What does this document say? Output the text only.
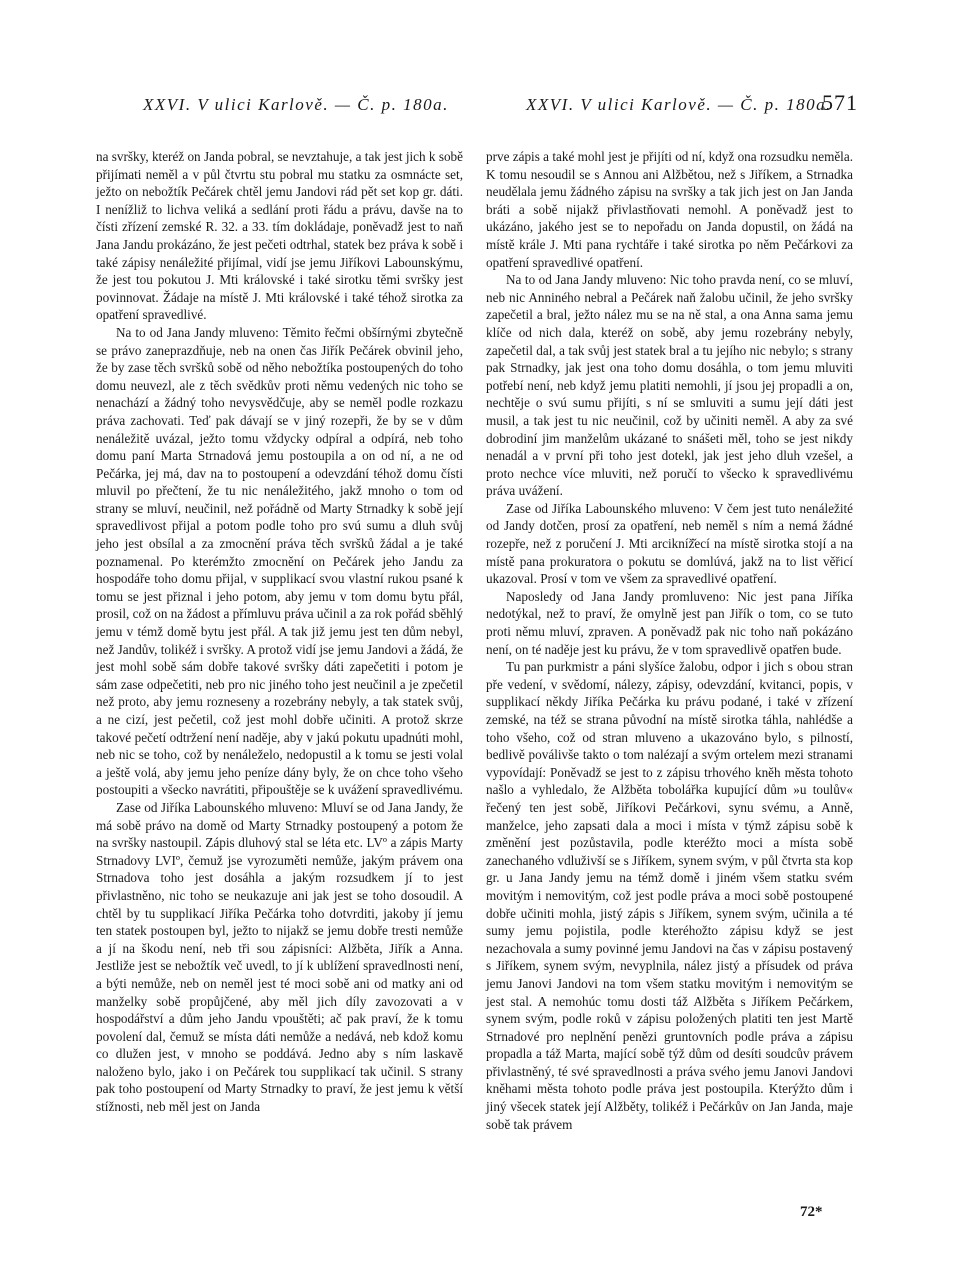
XXVI. V ulici Karlově. — Č. p. 180a.	XXVI. V ulici Karlově. — Č. p. 180a.
571

na svršky, kteréž on Janda pobral, se nevztahuje, a tak jest jich k sobě přijímati neměl a v půl čtvrtu stu pobral mu statku za osmnácte set, ježto on nebožtík Pečárek chtěl jemu Jandovi rád pět set kop gr. dáti. I nenížliž to lichva veliká a sedlání proti řádu a právu, davše na to čísti zřízení zemské R. 32. a 33. tím dokládaje, poněvadž jest to naň Jana Jandu prokázáno, že jest pečeti odtrhal, statek bez práva k sobě i také zápisy nenáležité přijímal, vidí jse jemu Jiříkovi Labounskýmu, že jest tou pokutou J. Mti královské i také sirotku těmi svršky jest povinnovat. Žádaje na místě J. Mti královské i také téhož sirotka za opatření spravedlivé.

Na to od Jana Jandy mluveno: Těmito řečmi obšírnými zbytečně se právo zaneprazdňuje, neb na onen čas Jiřík Pečárek obvinil jeho, že by zase těch svršků sobě od něho nebožtíka postoupených do toho domu neuvezl, ale z těch svědkův proti němu vedených nic toho se nenachází a žádný toho nevysvědčuje, aby se neměl podle rozkazu práva zachovati. Teď pak dávají se v jiný rozepři, že by se v dům nenáležitě uvázal, ježto tomu vždycky odpíral a odpírá, neb toho domu paní Marta Strnadová jemu postoupila a on od ní, a ne od Pečárka, jej má, dav na to postoupení a odevzdání téhož domu čísti mluvil po přečtení, že tu nic nenáležitého, jakž mnoho o tom od strany se mluví, neučinil, než pořádně od Marty Strnadky k sobě její spravedlivost přijal a potom podle toho pro svú sumu a dluh svůj jeho jest obsílal a za zmocnění práva těch svršků žádal a je také poznamenal. Po kterémžto zmocnění on Pečárek jeho Jandu za hospodáře toho domu přijal, v supplikací svou vlastní rukou psané k tomu se jest přiznal i jeho potom, aby jemu v tom domu bytu přál, prosil, což on na žádost a přímluvu práva učinil a za rok pořád sběhlý jemu v témž domě bytu jest přál. A tak již jemu jest ten dům nebyl, než Jandův, tolikéž i svršky. A protož vidí jse jemu Jandovi a žádá, že jest mohl sobě sám dobře takové svršky dáti zapečetiti i potom je sám zase odpečetiti, neb pro nic jiného toho jest neučinil a je zpečetil než proto, aby jemu rozneseny a rozebrány nebyly, a tak statek svůj, a ne cizí, jest pečetil, což jest mohl dobře učiniti. A protož skrze takové pečetí odtržení není naděje, aby v jakú pokutu upadnúti mohl, neb nic se toho, což by nenáleželo, nedopustil a k tomu se jesti volal a ještě volá, aby jemu jeho peníze dány byly, že on chce toho všeho postoupiti a všecko navrátiti, připouštěje se k uvážení spravedlivému.

Zase od Jiříka Labounského mluveno: Mluví se od Jana Jandy, že má sobě právo na domě od Marty Strnadky postoupený a potom že na svršky nastoupil. Zápis dluhový stal se léta etc. LVº a zápis Marty Strnadovy LVIº, čemuž jse vyrozuměti nemůže, jakým právem ona Strnadova toho jest dosáhla a jakým rozsudkem jí to jest přivlastněno, nic toho se neukazuje ani jak jest se toho dosoudil. A chtěl by tu supplikací Jiříka Pečárka toho dotvrditi, jakoby jí jemu ten statek postoupen byl, ježto to nijakž se jemu dobře tresti nemůže a jí na škodu není, neb tři sou zápisníci: Alžběta, Jiřík a Anna. Jestliže jest se nebožtík več uvedl, to jí k ublížení spravedlnosti není, a býti nemůže, neb on neměl jest té moci sobě ani od matky ani od manželky sobě propůjčené, aby měl jich díly zavozovati a v hospodářství a dům jeho Jandu vpouštěti; ač pak praví, že k tomu povolení dal, čemuž se místa dáti nemůže a nedává, neb kdož komu co dlužen jest, v mnoho se poddává. Jedno aby s ním laskavě naloženo bylo, jako i on Pečárek tou supplikací tak učinil. S strany pak toho postoupení od Marty Strnadky to praví, že jest jemu k větší stížnosti, neb měl jest on Janda

prve zápis a také mohl jest je přijíti od ní, když ona rozsudku neměla. K tomu nesoudil se s Annou ani Alžbětou, než s Jiříkem, a Strnadka neudělala jemu žádného zápisu na svršky a tak jich jest on Jan Janda bráti a sobě nijakž přivlastňovati nemohl. A poněvadž jest to ukázáno, jakého jest se to nepořadu on Janda dopustil, on žádá na místě krále J. Mti pana rychtáře i také sirotka po něm Pečárkovi za opatření spravedlivé opatření.

Na to od Jana Jandy mluveno: Nic toho pravda není, co se mluví, neb nic Anniného nebral a Pečárek naň žalobu učinil, že jeho svršky zapečetil a bral, ježto nález mu se na ně stal, a ona Anna sama jemu klíče od nich dala, kteréž on sobě, aby jemu rozebrány nebyly, zapečetil dal, a tak svůj jest statek bral a tu jejího nic nebylo; s strany pak Strnadky, jak jest ona toho domu dosáhla, o tom jemu mluviti potřebí není, neb když jemu platiti nemohli, jí jsou jej propadli a on, nechtěje o svú sumu přijíti, s ní se smluviti a sumu její dáti jest musil, a tak jest tu nic neučinil, což by učiniti neměl. A aby za své dobrodiní jim manželům ukázané to snášeti měl, toho se jest nikdy nenadál a v první při toho jest dotekl, jak jest jeho dluh vzešel, a proto nechce více mluviti, než poručí to všecko k spravedlivému práva uvážení.

Zase od Jiříka Labounského mluveno: V čem jest tuto nenáležité od Jandy dotčen, prosí za opatření, neb neměl s ním a nemá žádné rozepře, než z poručení J. Mti arcikníž̌ecí na místě sirotka stojí a na místě pana prokuratora o pokutu se domlúvá, jakž na to list věřicí ukazoval. Prosí v tom ve všem za spravedlivé opatření.

Naposledy od Jana Jandy promluveno: Nic jest pana Jiříka nedotýkal, než to praví, že omylně jest pan Jiřík o tom, co se tuto proti němu mluví, zpraven. A poněvadž pak nic toho naň pokázáno není, on té naděje jest ku právu, že v tom spravedlivě opatřen bude.

Tu pan purkmistr a páni slyšíce žalobu, odpor i jich s obou stran pře vedení, v svědomí, nálezy, zápisy, odevzdání, kvitanci, popis, v supplikací někdy Jiříka Pečárka ku právu podané, i také v zřízení zemské, na též se strana původní na místě sirotka táhla, nahlédše a toho všeho, což od stran mluveno a ukazováno bylo, s pilností, bedlivě poválivše takto o tom nalézají a svým ortelem mezi stranami vypovídají: Poněvadž se jest to z zápisu trhového kněh města tohoto našlo a vyhledalo, že Alžběta tobolářka kupující dům »u toulův« řečený ten jest sobě, Jiříkovi Pečárkovi, synu svému, a Anně, manželce, jeho zapsati dala a moci i místa v týmž zápisu sobě k změnění jest pozůstavila, podle kteréžto moci a místa sobě zanechaného vdluživší se s Jiříkem, synem svým, v půl čtvrta sta kop gr. u Jana Jandy jemu na témž domě i jiném všem statku svém movitým i nemovitým, což jest podle práva a moci sobě postoupené dobře učiniti mohla, jistý zápis s Jiříkem, synem svým, učinila a té sumy jemu pojistila, podle kteréhožto zápisu když se jest nezachovala a sumy povinné jemu Jandovi na čas v zápisu postavený s Jiříkem, synem svým, nevyplnila, nález jistý a přísudek od práva jemu Janovi Jandovi na tom všem statku movitým i nemovitým se jest stal. A nemohúc tomu dosti táž Alžběta s Jiříkem Pečárkem, synem svým, podle roků v zápisu položených platiti ten jest Martě Strnadové pro neplnění penězi gruntovních podle práva a zápisu propadla a táž Marta, mající sobě týž dům od desíti soudcův právem přivlastněný, té své spravedlnosti a práva svého jemu Janovi Jandovi kněhami města tohoto podle práva jest postoupila. Kterýžto dům i jiný všecek statek její Alžběty, tolikéž i Pečárkův on Jan Janda, maje sobě tak právem

72*
